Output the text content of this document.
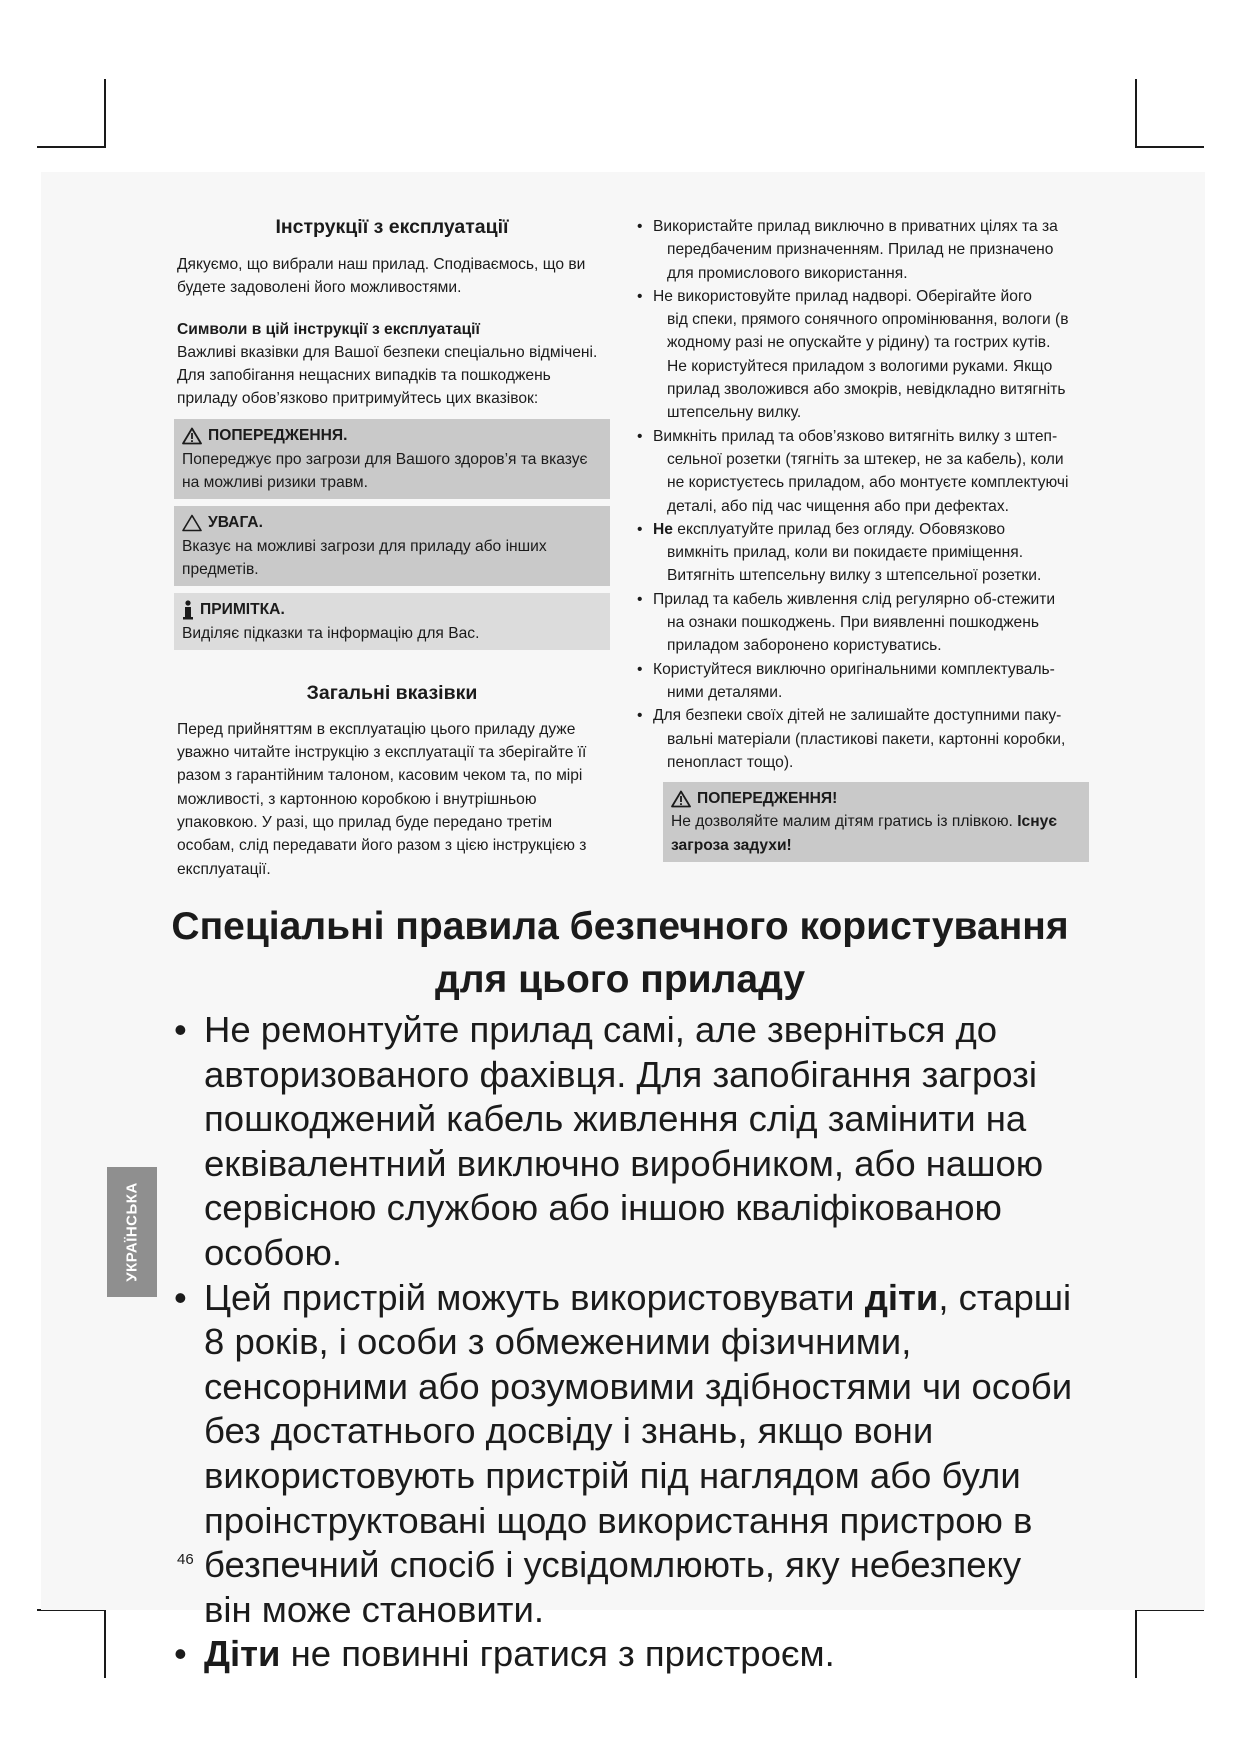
Інструкції з експлуатації

Дякуємо, що вибрали наш прилад. Сподіваємось, що ви будете задоволені його можливостями.

Символи в цій інструкції з експлуатації

Важливі вказівки для Вашої безпеки спеціально відмічені. Для запобігання нещасних випадків та пошкоджень приладу обов’язково притримуйтесь цих вказівок:

ПОПЕРЕДЖЕННЯ.

Попереджує про загрози для Вашого здоров’я та вказує на можливі ризики травм.

УВАГА.

Вказує на можливі загрози для приладу або інших предметів.

ПРИМІТКА.

Виділяє підказки та інформацію для Вас.

Загальні вказівки

Перед прийняттям в експлуатацію цього приладу дуже уважно читайте інструкцію з експлуатації та зберігайте її разом з гарантійним талоном, касовим чеком та, по мірі можливості, з картонною коробкою і внутрішньою упаковкою. У разі, що прилад буде передано третім особам, слід передавати його разом з цією інструкцією з експлуатації.

• Використайте прилад виключно в приватних цілях та за
передбаченим призначенням. Прилад не призначено для промислового використання.
• Не використовуйте прилад надворі. Оберігайте його
від спеки, прямого сонячного опромінювання, вологи (в жодному разі не опускайте у рідину) та гострих кутів. Не користуйтеся приладом з вологими руками. Якщо прилад зволожився або змокрів, невідкладно витягніть штепсельну вилку.
• Вимкніть прилад та обов’язково витягніть вилку з штеп-
сельної розетки (тягніть за штекер, не за кабель), коли не користуєтесь приладом, або монтуєте комплектуючі деталі, або під час чищення або при дефектах.
• Не експлуатуйте прилад без огляду. Обовязково
вимкніть прилад, коли ви покидаєте приміщення. Витягніть штепсельну вилку з штепсельної розетки.
• Прилад та кабель живлення слід регулярно об-стежити
на ознаки пошкоджень. При виявленні пошкоджень приладом заборонено користуватись.
• Користуйтеся виключно оригінальними комплектуваль-
ними деталями.
• Для безпеки своїх дітей не залишайте доступними паку-
вальні матеріали (пластикові пакети, картонні коробки, пенопласт тощо).
ПОПЕРЕДЖЕННЯ!

Не дозволяйте малим дітям гратись із плівкою. Існує загроза задухи!

Спеціальні правила безпечного користування
для цього приладу
• Не ремонтуйте прилад самі, але зверніться до авторизованого фахівця. Для запобігання загрозі пошкоджений кабель живлення слід замінити на еквівалентний виключно виробником, або нашою сервісною службою або іншою кваліфікованою особою.
• Цей пристрій можуть використовувати діти, старші 8 років, і особи з обмеженими фізичними, сенсорними або розумовими здібностями чи особи без достатнього досвіду і знань, якщо вони використовують пристрій під наглядом або були проінструктовані щодо використання пристрою в безпечний спосіб і усвідомлюють, яку небезпеку він може становити.
• Діти не повинні гратися з пристроєм.
46
УКРАЇНСЬКА
